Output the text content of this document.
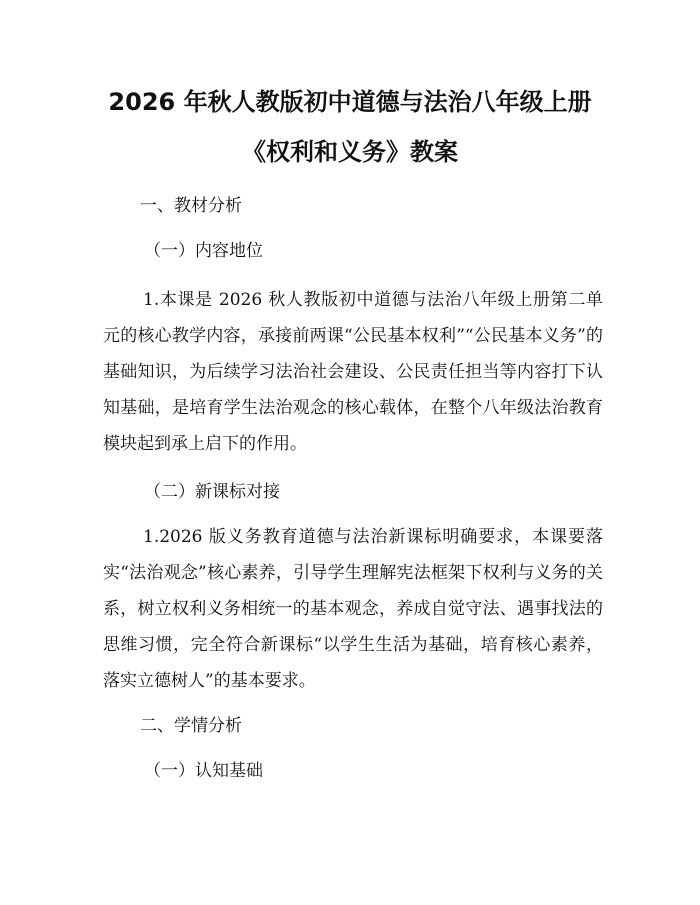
2026 年秋人教版初中道德与法治八年级上册
《权利和义务》教案
一、教材分析
（一）内容地位
1.本课是 2026 秋人教版初中道德与法治八年级上册第二单元的核心教学内容，承接前两课“公民基本权利”“公民基本义务”的基础知识，为后续学习法治社会建设、公民责任担当等内容打下认知基础，是培育学生法治观念的核心载体，在整个八年级法治教育模块起到承上启下的作用。
（二）新课标对接
1.2026 版义务教育道德与法治新课标明确要求，本课要落实“法治观念”核心素养，引导学生理解宪法框架下权利与义务的关系，树立权利义务相统一的基本观念，养成自觉守法、遇事找法的思维习惯，完全符合新课标“以学生生活为基础，培育核心素养，落实立德树人”的基本要求。
二、学情分析
（一）认知基础
